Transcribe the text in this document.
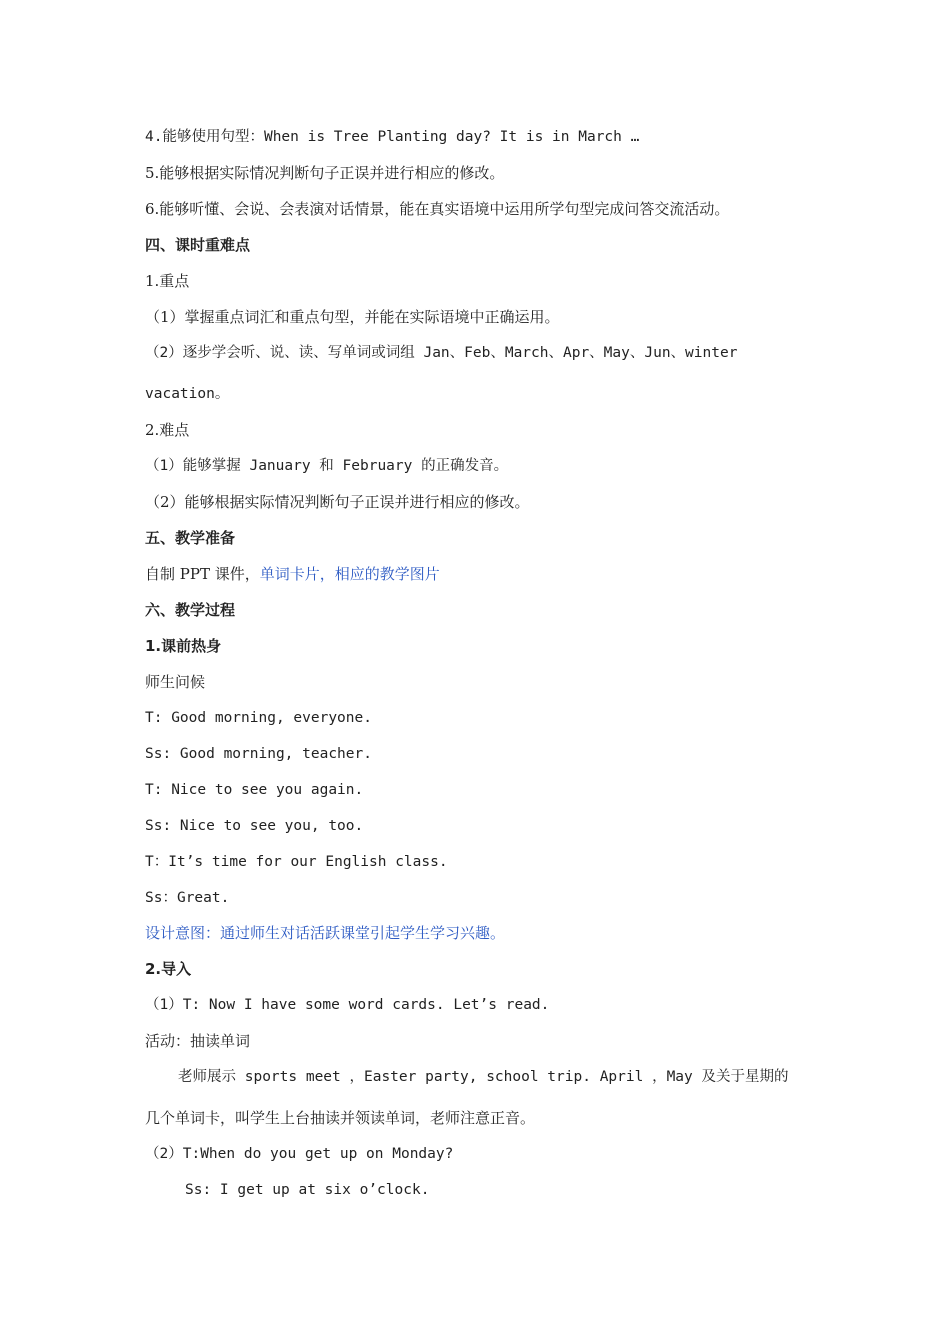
4.能够使用句型：When is Tree Planting day? It is in March …
5.能够根据实际情况判断句子正误并进行相应的修改。
6.能够听懂、会说、会表演对话情景，能在真实语境中运用所学句型完成问答交流活动。
四、课时重难点
1.重点
（1）掌握重点词汇和重点句型，并能在实际语境中正确运用。
（2）逐步学会听、说、读、写单词或词组 Jan、Feb、March、Apr、May、Jun、winter
vacation。
2.难点
（1）能够掌握 January 和 February 的正确发音。
（2）能够根据实际情况判断句子正误并进行相应的修改。
五、教学准备
自制 PPT 课件，单词卡片，相应的教学图片
六、教学过程
1.课前热身
师生问候
T: Good morning, everyone.
Ss: Good morning, teacher.
T: Nice to see you again.
Ss: Nice to see you, too.
T：It’s time for our English class.
Ss：Great.
设计意图：通过师生对话活跃课堂引起学生学习兴趣。
2.导入
（1）T: Now I have some word cards. Let’s read.
活动：抽读单词
老师展示 sports meet ，Easter party, school trip. April ，May 及关于星期的
几个单词卡，叫学生上台抽读并领读单词，老师注意正音。
（2）T:When do you get up on Monday?
Ss: I get up at six o’clock.
